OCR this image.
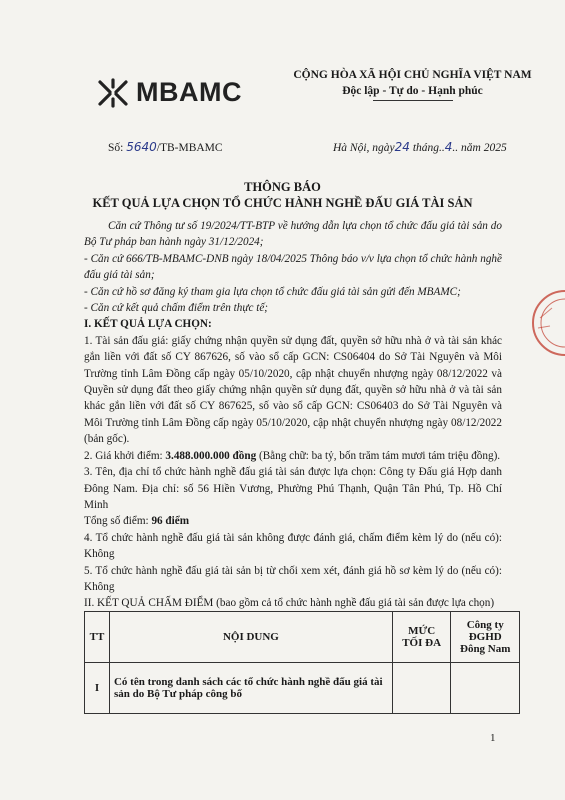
MBAMC
CỘNG HÒA XÃ HỘI CHỦ NGHĨA VIỆT NAM
Độc lập - Tự do - Hạnh phúc
Số: 5640/TB-MBAMC	Hà Nội, ngày24 tháng..4.. năm 2025
THÔNG BÁO
KẾT QUẢ LỰA CHỌN TỔ CHỨC HÀNH NGHỀ ĐẤU GIÁ TÀI SẢN

Căn cứ Thông tư số 19/2024/TT-BTP về hướng dẫn lựa chọn tổ chức đấu giá tài sản do Bộ Tư pháp ban hành ngày 31/12/2024;

- Căn cứ 666/TB-MBAMC-DNB ngày 18/04/2025 Thông báo v/v lựa chọn tổ chức hành nghề đấu giá tài sản;

- Căn cứ hồ sơ đăng ký tham gia lựa chọn tổ chức đấu giá tài sản gửi đến MBAMC;

- Căn cứ kết quả chấm điểm trên thực tế;

I. KẾT QUẢ LỰA CHỌN:

1. Tài sản đấu giá: giấy chứng nhận quyền sử dụng đất, quyền sở hữu nhà ở và tài sản khác gắn liền với đất số CY 867626, số vào sổ cấp GCN: CS06404 do Sở Tài Nguyên và Môi Trường tỉnh Lâm Đồng cấp ngày 05/10/2020, cập nhật chuyển nhượng ngày 08/12/2022 và Quyền sử dụng đất theo giấy chứng nhận quyền sử dụng đất, quyền sở hữu nhà ở và tài sản khác gắn liền với đất số CY 867625, số vào sổ cấp GCN: CS06403 do Sở Tài Nguyên và Môi Trường tỉnh Lâm Đồng cấp ngày 05/10/2020, cập nhật chuyển nhượng ngày 08/12/2022 (bản gốc).

2. Giá khởi điểm: 3.488.000.000 đồng (Bằng chữ: ba tỷ, bốn trăm tám mươi tám triệu đồng).

3. Tên, địa chỉ tổ chức hành nghề đấu giá tài sản được lựa chọn: Công ty Đấu giá Hợp danh Đông Nam. Địa chỉ: số 56 Hiền Vương, Phường Phú Thạnh, Quận Tân Phú, Tp. Hồ Chí Minh

Tổng số điểm: 96 điểm

4. Tổ chức hành nghề đấu giá tài sản không được đánh giá, chấm điểm kèm lý do (nếu có): Không

5. Tổ chức hành nghề đấu giá tài sản bị từ chối xem xét, đánh giá hồ sơ kèm lý do (nếu có): Không

II. KẾT QUẢ CHẤM ĐIỂM (bao gồm cả tổ chức hành nghề đấu giá tài sản được lựa chọn)

TT	NỘI DUNG	MỨC TỐI ĐA	Công ty ĐGHD Đông Nam
I	Có tên trong danh sách các tổ chức hành nghề đấu giá tài sản do Bộ Tư pháp công bố		
1
